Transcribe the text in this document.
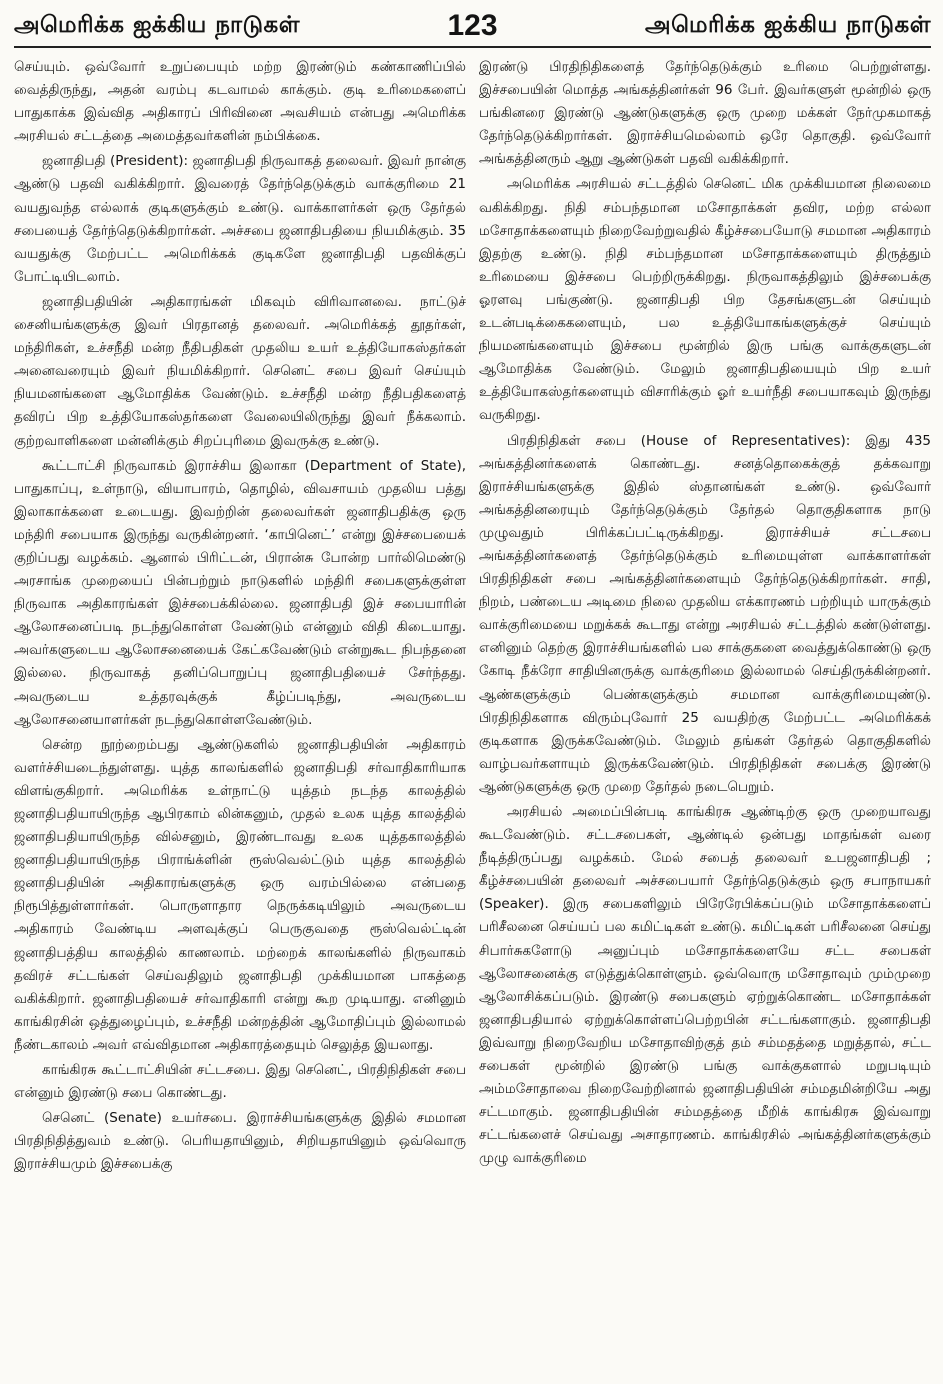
அமெரிக்க ஐக்கிய நாடுகள்	123	அமெரிக்க ஐக்கிய நாடுகள்

செய்யும். ஒவ்வோர் உறுப்பையும் மற்ற இரண்டும் கண்காணிப்பில் வைத்திருந்து, அதன் வரம்பு கடவாமல் காக்கும். குடி உரிமைகளைப் பாதுகாக்க இவ்வித அதிகாரப் பிரிவினை அவசியம் என்பது அமெரிக்க அரசியல் சட்டத்தை அமைத்தவர்களின் நம்பிக்கை.

ஜனாதிபதி (President): ஜனாதிபதி நிருவாகத் தலைவர். இவர் நான்கு ஆண்டு பதவி வகிக்கிறார். இவரைத் தேர்ந்தெடுக்கும் வாக்குரிமை 21 வயதுவந்த எல்லாக் குடிகளுக்கும் உண்டு. வாக்காளர்கள் ஒரு தேர்தல் சபையைத் தேர்ந்தெடுக்கிறார்கள். அச்சபை ஜனாதிபதியை நியமிக்கும். 35 வயதுக்கு மேற்பட்ட அமெரிக்கக் குடிகளே ஜனாதிபதி பதவிக்குப் போட்டியிடலாம்.

ஜனாதிபதியின் அதிகாரங்கள் மிகவும் விரிவானவை. நாட்டுச் சைனியங்களுக்கு இவர் பிரதானத் தலைவர். அமெரிக்கத் தூதர்கள், மந்திரிகள், உச்சநீதி மன்ற நீதிபதிகள் முதலிய உயர் உத்தியோகஸ்தர்கள் அனைவரையும் இவர் நியமிக்கிறார். செனெட் சபை இவர் செய்யும் நியமனங்களை ஆமோதிக்க வேண்டும். உச்சநீதி மன்ற நீதிபதிகளைத் தவிரப் பிற உத்தியோகஸ்தர்களை வேலையிலிருந்து இவர் நீக்கலாம். குற்றவாளிகளை மன்னிக்கும் சிறப்புரிமை இவருக்கு உண்டு.

கூட்டாட்சி நிருவாகம் இராச்சிய இலாகா (Department of State), பாதுகாப்பு, உள்நாடு, வியாபாரம், தொழில், விவசாயம் முதலிய பத்து இலாகாக்களை உடையது. இவற்றின் தலைவர்கள் ஜனாதிபதிக்கு ஒரு மந்திரி சபையாக இருந்து வருகின்றனர். ‘காபினெட்’ என்று இச்சபையைக் குறிப்பது வழக்கம். ஆனால் பிரிட்டன், பிரான்சு போன்ற பார்லிமெண்டு அரசாங்க முறையைப் பின்பற்றும் நாடுகளில் மந்திரி சபைகளுக்குள்ள நிருவாக அதிகாரங்கள் இச்சபைக்கில்லை. ஜனாதிபதி இச் சபையாரின் ஆலோசனைப்படி நடந்துகொள்ள வேண்டும் என்னும் விதி கிடையாது. அவர்களுடைய ஆலோசனையைக் கேட்கவேண்டும் என்றுகூட நிபந்தனை இல்லை. நிருவாகத் தனிப்பொறுப்பு ஜனாதிபதியைச் சேர்ந்தது. அவருடைய உத்தரவுக்குக் கீழ்ப்படிந்து, அவருடைய ஆலோசனையாளர்கள் நடந்துகொள்ளவேண்டும்.

சென்ற நூற்றைம்பது ஆண்டுகளில் ஜனாதிபதியின் அதிகாரம் வளர்ச்சியடைந்துள்ளது. யுத்த காலங்களில் ஜனாதிபதி சர்வாதிகாரியாக விளங்குகிறார். அமெரிக்க உள்நாட்டு யுத்தம் நடந்த காலத்தில் ஜனாதிபதியாயிருந்த ஆபிரகாம் லின்கனும், முதல் உலக யுத்த காலத்தில் ஜனாதிபதியாயிருந்த வில்சனும், இரண்டாவது உலக யுத்தகாலத்தில் ஜனாதிபதியாயிருந்த பிராங்க்ளின் ரூஸ்வெல்ட்டும் யுத்த காலத்தில் ஜனாதிபதியின் அதிகாரங்களுக்கு ஒரு வரம்பில்லை என்பதை நிரூபித்துள்ளார்கள். பொருளாதார நெருக்கடியிலும் அவருடைய அதிகாரம் வேண்டிய அளவுக்குப் பெருகுவதை ரூஸ்வெல்ட்டின் ஜனாதிபத்திய காலத்தில் காணலாம். மற்றைக் காலங்களில் நிருவாகம் தவிரச் சட்டங்கள் செய்வதிலும் ஜனாதிபதி முக்கியமான பாகத்தை வகிக்கிறார். ஜனாதிபதியைச் சர்வாதிகாரி என்று கூற முடியாது. எனினும் காங்கிரசின் ஒத்துழைப்பும், உச்சநீதி மன்றத்தின் ஆமோதிப்பும் இல்லாமல் நீண்டகாலம் அவர் எவ்விதமான அதிகாரத்தையும் செலுத்த இயலாது.

காங்கிரசு கூட்டாட்சியின் சட்டசபை. இது செனெட், பிரதிநிதிகள் சபை என்னும் இரண்டு சபை கொண்டது.

செனெட் (Senate) உயர்சபை. இராச்சியங்களுக்கு இதில் சமமான பிரதிநிதித்துவம் உண்டு. பெரியதாயினும், சிறியதாயினும் ஒவ்வொரு இராச்சியமும் இச்சபைக்கு

இரண்டு பிரதிநிதிகளைத் தேர்ந்தெடுக்கும் உரிமை பெற்றுள்ளது. இச்சபையின் மொத்த அங்கத்தினர்கள் 96 பேர். இவர்களுள் மூன்றில் ஒரு பங்கினரை இரண்டு ஆண்டுகளுக்கு ஒரு முறை மக்கள் நேர்முகமாகத் தேர்ந்தெடுக்கிறார்கள். இராச்சியமெல்லாம் ஒரே தொகுதி. ஒவ்வோர் அங்கத்தினரும் ஆறு ஆண்டுகள் பதவி வகிக்கிறார்.

அமெரிக்க அரசியல் சட்டத்தில் செனெட் மிக முக்கியமான நிலைமை வகிக்கிறது. நிதி சம்பந்தமான மசோதாக்கள் தவிர, மற்ற எல்லா மசோதாக்களையும் நிறைவேற்றுவதில் கீழ்ச்சபையோடு சமமான அதிகாரம் இதற்கு உண்டு. நிதி சம்பந்தமான மசோதாக்களையும் திருத்தும் உரிமையை இச்சபை பெற்றிருக்கிறது. நிருவாகத்திலும் இச்சபைக்கு ஓரளவு பங்குண்டு. ஜனாதிபதி பிற தேசங்களுடன் செய்யும் உடன்படிக்கைகளையும், பல உத்தியோகங்களுக்குச் செய்யும் நியமனங்களையும் இச்சபை மூன்றில் இரு பங்கு வாக்குகளுடன் ஆமோதிக்க வேண்டும். மேலும் ஜனாதிபதியையும் பிற உயர் உத்தியோகஸ்தர்களையும் விசாரிக்கும் ஓர் உயர்நீதி சபையாகவும் இருந்து வருகிறது.

பிரதிநிதிகள் சபை (House of Representatives): இது 435 அங்கத்தினர்களைக் கொண்டது. சனத்தொகைக்குத் தக்கவாறு இராச்சியங்களுக்கு இதில் ஸ்தானங்கள் உண்டு. ஒவ்வோர் அங்கத்தினரையும் தேர்ந்தெடுக்கும் தேர்தல் தொகுதிகளாக நாடு முழுவதும் பிரிக்கப்பட்டிருக்கிறது. இராச்சியச் சட்டசபை அங்கத்தினர்களைத் தேர்ந்தெடுக்கும் உரிமையுள்ள வாக்காளர்கள் பிரதிநிதிகள் சபை அங்கத்தினர்களையும் தேர்ந்தெடுக்கிறார்கள். சாதி, நிறம், பண்டைய அடிமை நிலை முதலிய எக்காரணம் பற்றியும் யாருக்கும் வாக்குரிமையை மறுக்கக் கூடாது என்று அரசியல் சட்டத்தில் கண்டுள்ளது. எனினும் தெற்கு இராச்சியங்களில் பல சாக்குகளை வைத்துக்கொண்டு ஒரு கோடி நீக்ரோ சாதியினருக்கு வாக்குரிமை இல்லாமல் செய்திருக்கின்றனர். ஆண்களுக்கும் பெண்களுக்கும் சமமான வாக்குரிமையுண்டு. பிரதிநிதிகளாக விரும்புவோர் 25 வயதிற்கு மேற்பட்ட அமெரிக்கக் குடிகளாக இருக்கவேண்டும். மேலும் தங்கள் தேர்தல் தொகுதிகளில் வாழ்பவர்களாயும் இருக்கவேண்டும். பிரதிநிதிகள் சபைக்கு இரண்டு ஆண்டுகளுக்கு ஒரு முறை தேர்தல் நடைபெறும்.

அரசியல் அமைப்பின்படி காங்கிரசு ஆண்டிற்கு ஒரு முறையாவது கூடவேண்டும். சட்டசபைகள், ஆண்டில் ஒன்பது மாதங்கள் வரை நீடித்திருப்பது வழக்கம். மேல் சபைத் தலைவர் உபஜனாதிபதி ; கீழ்ச்சபையின் தலைவர் அச்சபையார் தேர்ந்தெடுக்கும் ஒரு சபாநாயகர் (Speaker). இரு சபைகளிலும் பிரேரேபிக்கப்படும் மசோதாக்களைப் பரிசீலனை செய்யப் பல கமிட்டிகள் உண்டு. கமிட்டிகள் பரிசீலனை செய்து சிபார்சுகளோடு அனுப்பும் மசோதாக்களையே சட்ட சபைகள் ஆலோசனைக்கு எடுத்துக்கொள்ளும். ஒவ்வொரு மசோதாவும் மும்முறை ஆலோசிக்கப்படும். இரண்டு சபைகளும் ஏற்றுக்கொண்ட மசோதாக்கள் ஜனாதிபதியால் ஏற்றுக்கொள்ளப்பெற்றபின் சட்டங்களாகும். ஜனாதிபதி இவ்வாறு நிறைவேறிய மசோதாவிற்குத் தம் சம்மதத்தை மறுத்தால், சட்ட சபைகள் மூன்றில் இரண்டு பங்கு வாக்குகளால் மறுபடியும் அம்மசோதாவை நிறைவேற்றினால் ஜனாதிபதியின் சம்மதமின்றியே அது சட்டமாகும். ஜனாதிபதியின் சம்மதத்தை மீறிக் காங்கிரசு இவ்வாறு சட்டங்களைச் செய்வது அசாதாரணம். காங்கிரசில் அங்கத்தினர்களுக்கும் முழு வாக்குரிமை
